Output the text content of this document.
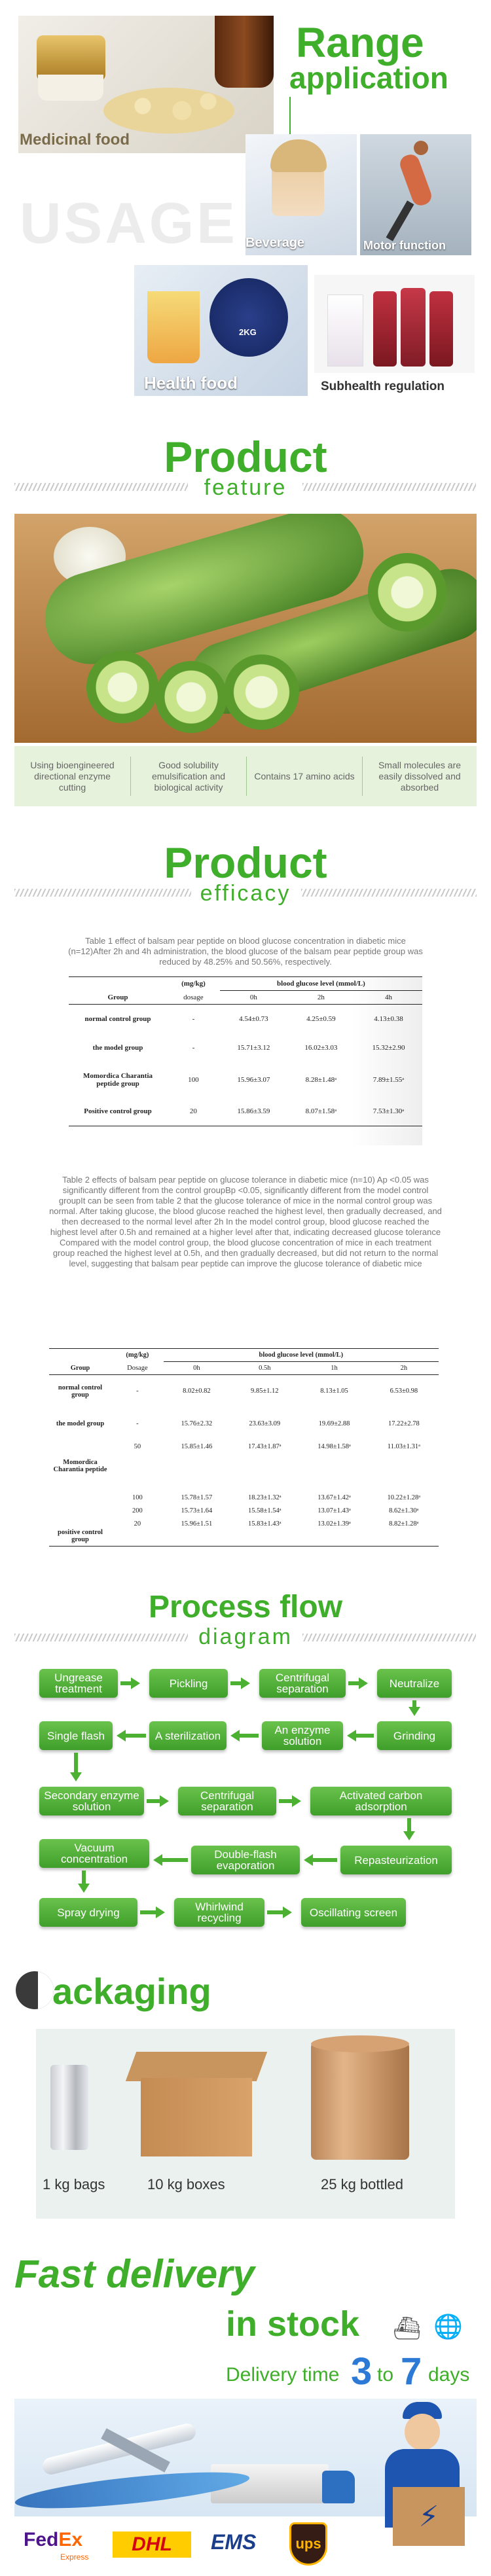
USAGE
Medicinal food
Range
application
Beverage	Motor function
2KG
Health food	Subhealth regulation
Product
feature
Using bioengineered directional enzyme cutting
Good solubility emulsification and biological activity
Contains 17 amino acids
Small molecules are easily dissolved and absorbed
Product
efficacy
Table 1 effect of balsam pear peptide on blood glucose concentration in diabetic mice (n=12)After 2h and 4h administration, the blood glucose of the balsam pear peptide group was reduced by 48.25% and 50.56%, respectively.
	(mg/kg)	blood glucose level (mmol/L)		
Group	dosage	0h	2h	4h
normal control group	-	4.54±0.73	4.25±0.59	4.13±0.38
the model group	-	15.71±3.12	16.02±3.03	15.32±2.90
Momordica Charantia peptide group	100	15.96±3.07	8.28±1.48ᵃ	7.89±1.55ᵃ
Positive control group	20	15.86±3.59	8.07±1.58ᵃ	7.53±1.30ᵃ
Table 2 effects of balsam pear peptide on glucose tolerance in diabetic mice (n=10) Ap <0.05 was significantly different from the control groupBp <0.05, significantly different from the model control groupIt can be seen from table 2 that the glucose tolerance of mice in the normal control group was normal. After taking glucose, the blood glucose reached the highest level, then gradually decreased, and then decreased to the normal level after 2h In the model control group, blood glucose reached the highest level after 0.5h and remained at a higher level after that, indicating decreased glucose tolerance Compared with the model control group, the blood glucose concentration of mice in each treatment group reached the highest level at 0.5h, and then gradually decreased, but did not return to the normal level, suggesting that balsam pear peptide can improve the glucose tolerance of diabetic mice
	(mg/kg)	blood glucose level (mmol/L)			
Group	Dosage	0h	0.5h	1h	2h
normal control group	-	8.02±0.82	9.85±1.12	8.13±1.05	6.53±0.98
the model group	-	15.76±2.32	23.63±3.09	19.69±2.88	17.22±2.78
Momordica Charantia peptide	50	15.85±1.46	17.43±1.87ᵃ	14.98±1.58ᵃ	11.03±1.31ᵃ
	100	15.78±1.57	18.23±1.32ᵃ	13.67±1.42ᵃ	10.22±1.28ᵃ
	200	15.73±1.64	15.58±1.54ᵃ	13.07±1.43ᵃ	8.62±1.30ᵃ
positive control group	20	15.96±1.51	15.83±1.43ᵃ	13.02±1.39ᵃ	8.82±1.28ᵃ
Process flow
diagram
Ungrease treatment	Pickling	Centrifugal separation	Neutralize
Grinding
An enzyme solution
A sterilization
Single flash
Secondary enzyme solution
Centrifugal separation
Activated carbon adsorption
Repasteurization
Double-flash evaporation
Vacuum concentration
Spray drying	Whirlwind recycling	Oscillating screen
ackaging
1 kg bags	10 kg boxes	25 kg bottled
Fast delivery
in stock ⛴ 🌐
Delivery time 3 to 7 days
⚡
FedEx
Express
DHL EMS	ups
